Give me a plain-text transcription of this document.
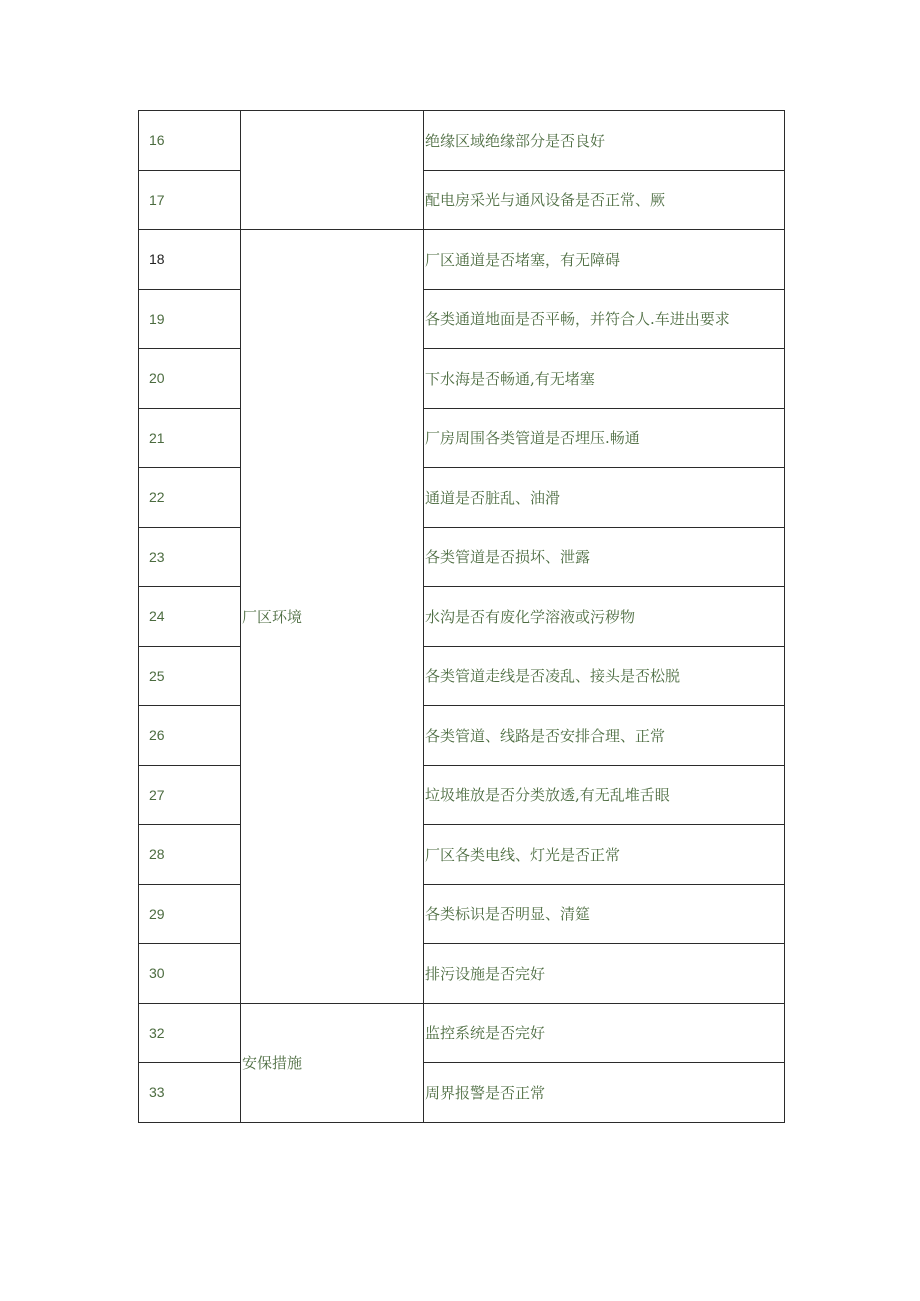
16		绝缘区域绝缘部分是否良好
17		配电房采光与通风设备是否正常、厥
18	厂区环境	厂区通道是否堵塞，有无障碍
19		各类通道地面是否平畅，并符合人.车进出要求
20		下水海是否畅通,有无堵塞
21		厂房周围各类管道是否埋压.畅通
22		通道是否脏乱、油滑
23		各类管道是否损坏、泄露
24		水沟是否有废化学溶液或污秽物
25		各类管道走线是否凌乱、接头是否松脱
26		各类管道、线路是否安排合理、正常
27		垃圾堆放是否分类放透,有无乱堆舌眼
28		厂区各类电线、灯光是否正常
29		各类标识是否明显、清筵
30		排污设施是否完好
32	安保措施	监控系统是否完好
33		周界报警是否正常
